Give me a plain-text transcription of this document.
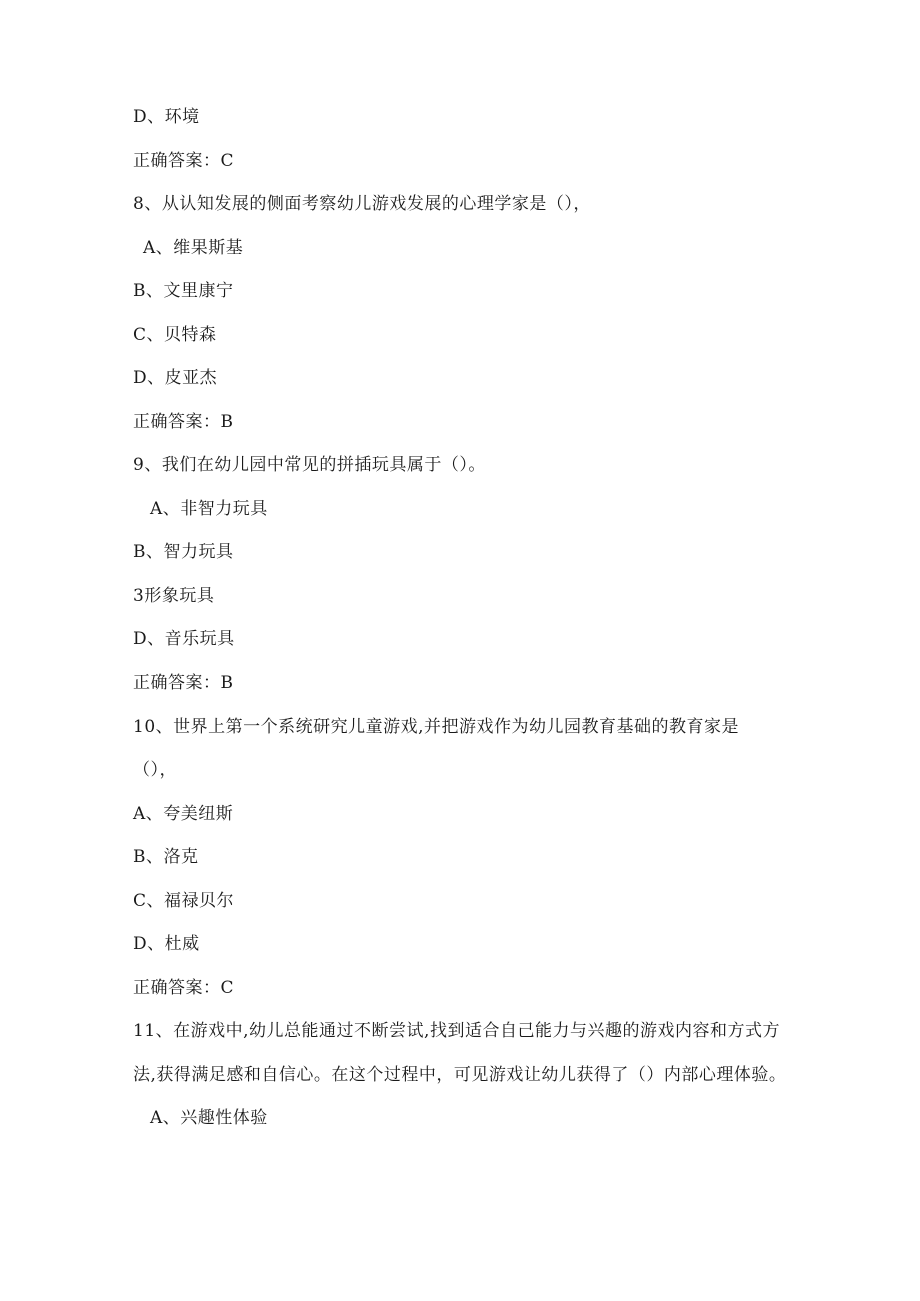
D、环境
正确答案：C
8、从认知发展的侧面考察幼儿游戏发展的心理学家是（），
A、维果斯基
B、文里康宁
C、贝特森
D、皮亚杰
正确答案：B
9、我们在幼儿园中常见的拼插玩具属于（）。
A、非智力玩具
B、智力玩具
3形象玩具
D、音乐玩具
正确答案：B
10、世界上第一个系统研究儿童游戏,并把游戏作为幼儿园教育基础的教育家是
（），
A、夸美纽斯
B、洛克
C、福禄贝尔
D、杜威
正确答案：C
11、在游戏中,幼儿总能通过不断尝试,找到适合自己能力与兴趣的游戏内容和方式方
法,获得满足感和自信心。在这个过程中，可见游戏让幼儿获得了（）内部心理体验。
A、兴趣性体验
